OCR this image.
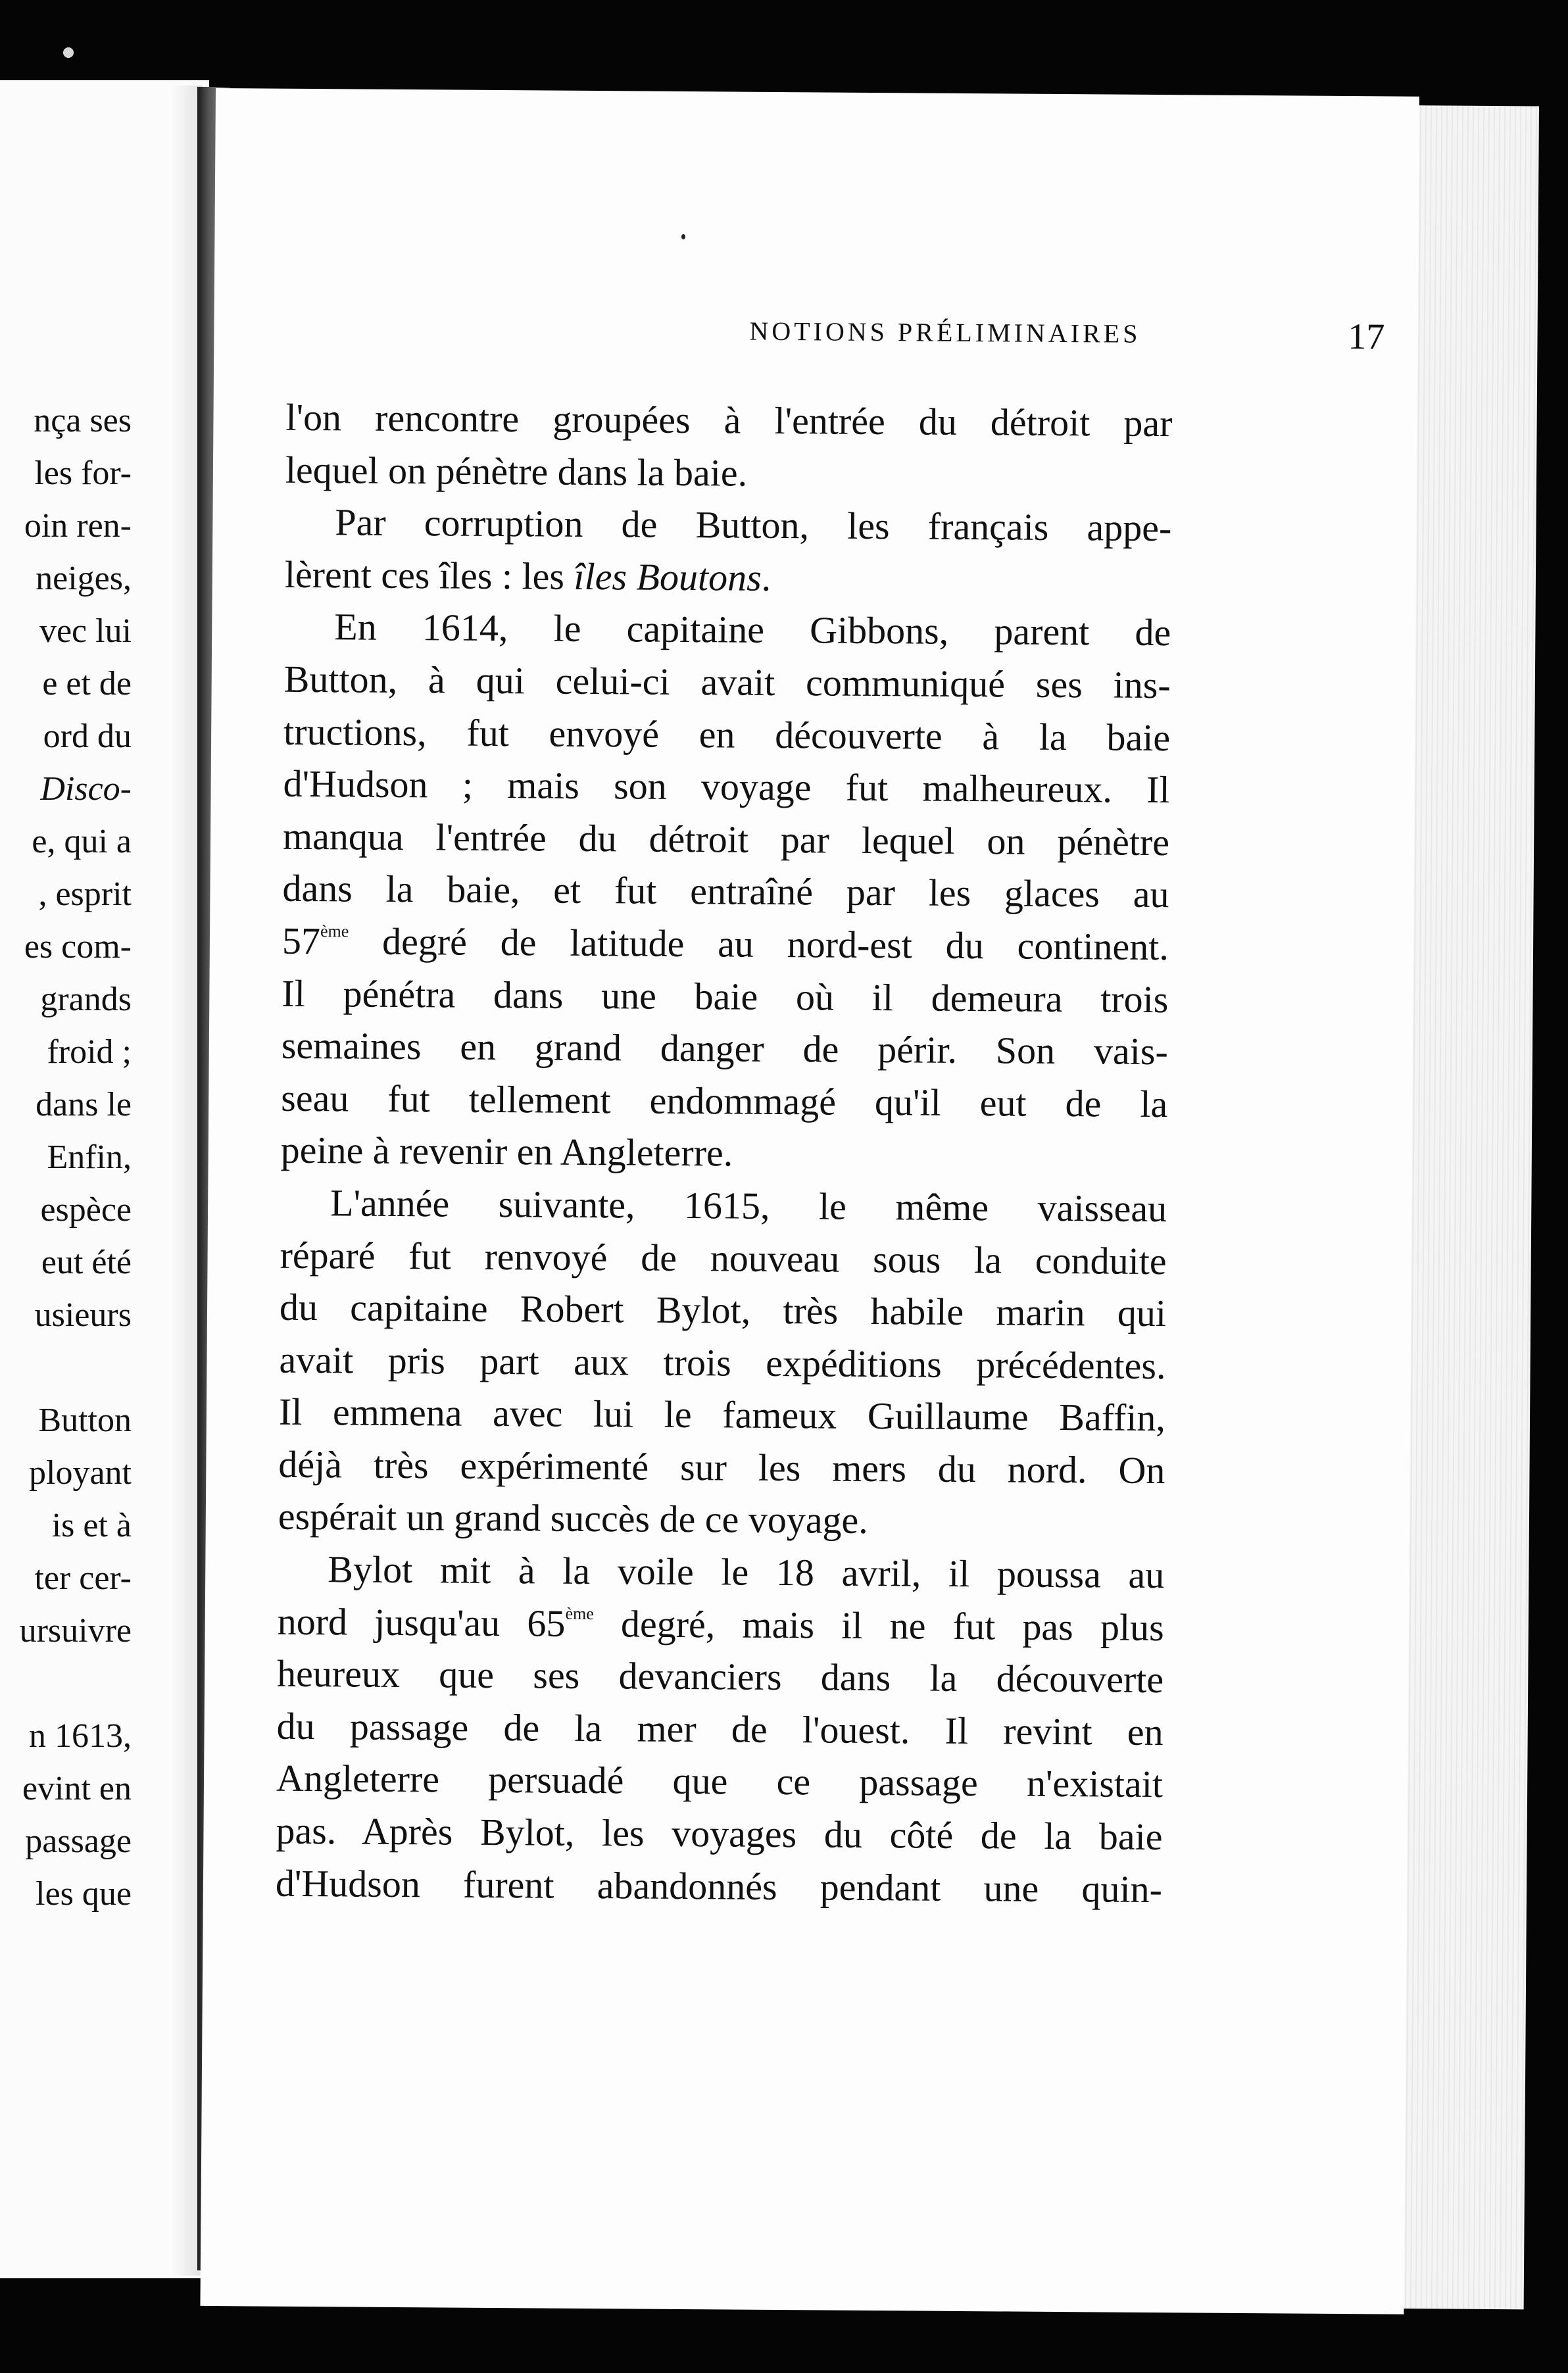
nça ses
les for-
oin ren-
neiges,
vec lui
e et de
ord du
Disco-
e, qui a
, esprit
es com-
grands
froid ;
dans le
Enfin,
espèce
eut été
usieurs
Button
ployant
is et à
ter cer-
ursuivre
n 1613,
evint en
passage
les que
NOTIONS PRÉLIMINAIRES	17
l'on rencontre groupées à l'entrée du détroit par
lequel on pénètre dans la baie.
Par corruption de Button, les français appe-
lèrent ces îles : les îles Boutons.
En 1614, le capitaine Gibbons, parent de
Button, à qui celui-ci avait communiqué ses ins-
tructions, fut envoyé en découverte à la baie
d'Hudson ; mais son voyage fut malheureux. Il
manqua l'entrée du détroit par lequel on pénètre
dans la baie, et fut entraîné par les glaces au
57ème degré de latitude au nord-est du continent.
Il pénétra dans une baie où il demeura trois
semaines en grand danger de périr. Son vais-
seau fut tellement endommagé qu'il eut de la
peine à revenir en Angleterre.
L'année suivante, 1615, le même vaisseau
réparé fut renvoyé de nouveau sous la conduite
du capitaine Robert Bylot, très habile marin qui
avait pris part aux trois expéditions précédentes.
Il emmena avec lui le fameux Guillaume Baffin,
déjà très expérimenté sur les mers du nord. On
espérait un grand succès de ce voyage.
Bylot mit à la voile le 18 avril, il poussa au
nord jusqu'au 65ème degré, mais il ne fut pas plus
heureux que ses devanciers dans la découverte
du passage de la mer de l'ouest. Il revint en
Angleterre persuadé que ce passage n'existait
pas. Après Bylot, les voyages du côté de la baie
d'Hudson furent abandonnés pendant une quin-
